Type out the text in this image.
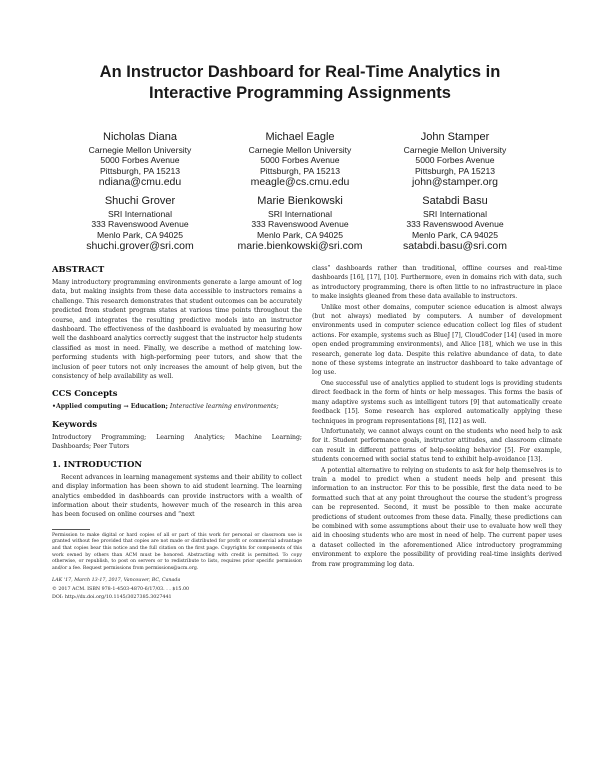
An Instructor Dashboard for Real-Time Analytics in
Interactive Programming Assignments
Nicholas Diana
Carnegie Mellon University
5000 Forbes Avenue
Pittsburgh, PA 15213
ndiana@cmu.edu
Michael Eagle
Carnegie Mellon University
5000 Forbes Avenue
Pittsburgh, PA 15213
meagle@cs.cmu.edu
John Stamper
Carnegie Mellon University
5000 Forbes Avenue
Pittsburgh, PA 15213
john@stamper.org
Shuchi Grover
SRI International
333 Ravenswood Avenue
Menlo Park, CA 94025
shuchi.grover@sri.com
Marie Bienkowski
SRI International
333 Ravenswood Avenue
Menlo Park, CA 94025
marie.bienkowski@sri.com
Satabdi Basu
SRI International
333 Ravenswood Avenue
Menlo Park, CA 94025
satabdi.basu@sri.com
ABSTRACT

Many introductory programming environments generate a large amount of log data, but making insights from these data accessible to instructors remains a challenge. This research demonstrates that student outcomes can be accurately predicted from student program states at various time points throughout the course, and integrates the resulting predictive models into an instructor dashboard. The effectiveness of the dashboard is evaluated by measuring how well the dashboard analytics correctly suggest that the instructor help students classified as most in need. Finally, we describe a method of matching low-performing students with high-performing peer tutors, and show that the inclusion of peer tutors not only increases the amount of help given, but the consistency of help availability as well.

CCS Concepts

•Applied computing → Education; Interactive learning environments;

Keywords

Introductory Programming; Learning Analytics; Machine Learning; Dashboards; Peer Tutors

1. INTRODUCTION

Recent advances in learning management systems and their ability to collect and display information has been shown to aid student learning. The learning analytics embedded in dashboards can provide instructors with a wealth of information about their students, however much of the research in this area has been focused on online courses and “next

Permission to make digital or hard copies of all or part of this work for personal or classroom use is granted without fee provided that copies are not made or distributed for profit or commercial advantage and that copies bear this notice and the full citation on the first page. Copyrights for components of this work owned by others than ACM must be honored. Abstracting with credit is permitted. To copy otherwise, or republish, to post on servers or to redistribute to lists, requires prior specific permission and/or a fee. Request permissions from permissions@acm.org.

LAK '17, March 13-17, 2017, Vancouver, BC, Canada

© 2017 ACM. ISBN 978-1-4503-4870-6/17/03. . . $15.00

DOI: http://dx.doi.org/10.1145/3027385.3027441

class” dashboards rather than traditional, offline courses and real-time dashboards [16], [17], [10]. Furthermore, even in domains rich with data, such as introductory programming, there is often little to no infrastructure in place to make insights gleaned from these data available to instructors.

Unlike most other domains, computer science education is almost always (but not always) mediated by computers. A number of development environments used in computer science education collect log files of student actions. For example, systems such as BlueJ [7], CloudCoder [14] (used in more open ended programming environments), and Alice [18], which we use in this research, generate log data. Despite this relative abundance of data, to date none of these systems integrate an instructor dashboard to take advantage of log use.

One successful use of analytics applied to student logs is providing students direct feedback in the form of hints or help messages. This forms the basis of many adaptive systems such as intelligent tutors [9] that automatically create feedback [15]. Some research has explored automatically applying these techniques in program representations [8], [12] as well.

Unfortunately, we cannot always count on the students who need help to ask for it. Student performance goals, instructor attitudes, and classroom climate can result in different patterns of help-seeking behavior [5]. For example, students concerned with social status tend to exhibit help-avoidance [13].

A potential alternative to relying on students to ask for help themselves is to train a model to predict when a student needs help and present this information to an instructor. For this to be possible, first the data need to be formatted such that at any point throughout the course the student’s progress can be represented. Second, it must be possible to then make accurate predictions of student outcomes from these data. Finally, these predictions can be combined with some assumptions about their use to evaluate how well they aid in choosing students who are most in need of help. The current paper uses a dataset collected in the aforementioned Alice introductory programming environment to explore the possibility of providing real-time insights derived from raw programming log data.
